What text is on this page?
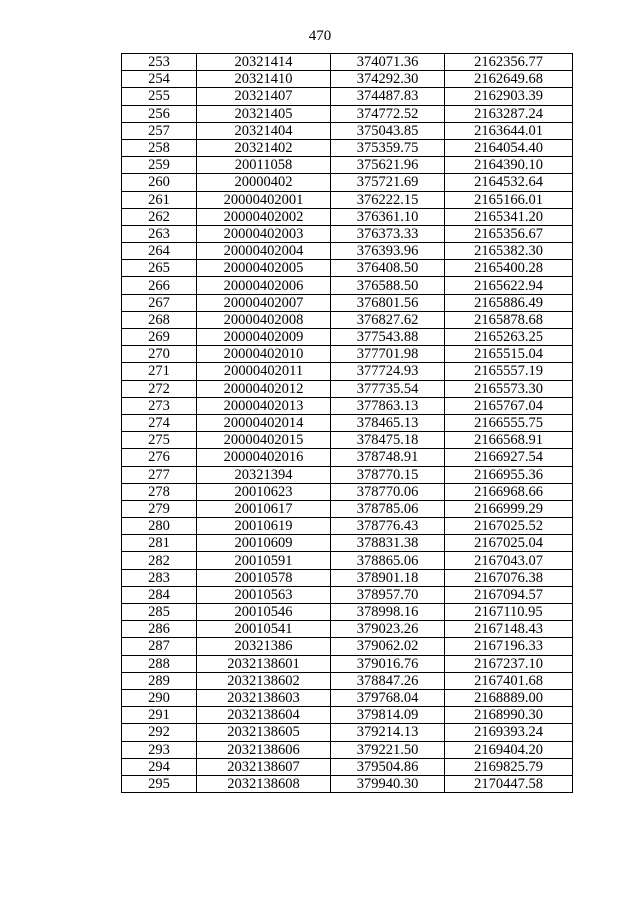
470
253	20321414	374071.36	2162356.77
254	20321410	374292.30	2162649.68
255	20321407	374487.83	2162903.39
256	20321405	374772.52	2163287.24
257	20321404	375043.85	2163644.01
258	20321402	375359.75	2164054.40
259	20011058	375621.96	2164390.10
260	20000402	375721.69	2164532.64
261	20000402001	376222.15	2165166.01
262	20000402002	376361.10	2165341.20
263	20000402003	376373.33	2165356.67
264	20000402004	376393.96	2165382.30
265	20000402005	376408.50	2165400.28
266	20000402006	376588.50	2165622.94
267	20000402007	376801.56	2165886.49
268	20000402008	376827.62	2165878.68
269	20000402009	377543.88	2165263.25
270	20000402010	377701.98	2165515.04
271	20000402011	377724.93	2165557.19
272	20000402012	377735.54	2165573.30
273	20000402013	377863.13	2165767.04
274	20000402014	378465.13	2166555.75
275	20000402015	378475.18	2166568.91
276	20000402016	378748.91	2166927.54
277	20321394	378770.15	2166955.36
278	20010623	378770.06	2166968.66
279	20010617	378785.06	2166999.29
280	20010619	378776.43	2167025.52
281	20010609	378831.38	2167025.04
282	20010591	378865.06	2167043.07
283	20010578	378901.18	2167076.38
284	20010563	378957.70	2167094.57
285	20010546	378998.16	2167110.95
286	20010541	379023.26	2167148.43
287	20321386	379062.02	2167196.33
288	2032138601	379016.76	2167237.10
289	2032138602	378847.26	2167401.68
290	2032138603	379768.04	2168889.00
291	2032138604	379814.09	2168990.30
292	2032138605	379214.13	2169393.24
293	2032138606	379221.50	2169404.20
294	2032138607	379504.86	2169825.79
295	2032138608	379940.30	2170447.58
